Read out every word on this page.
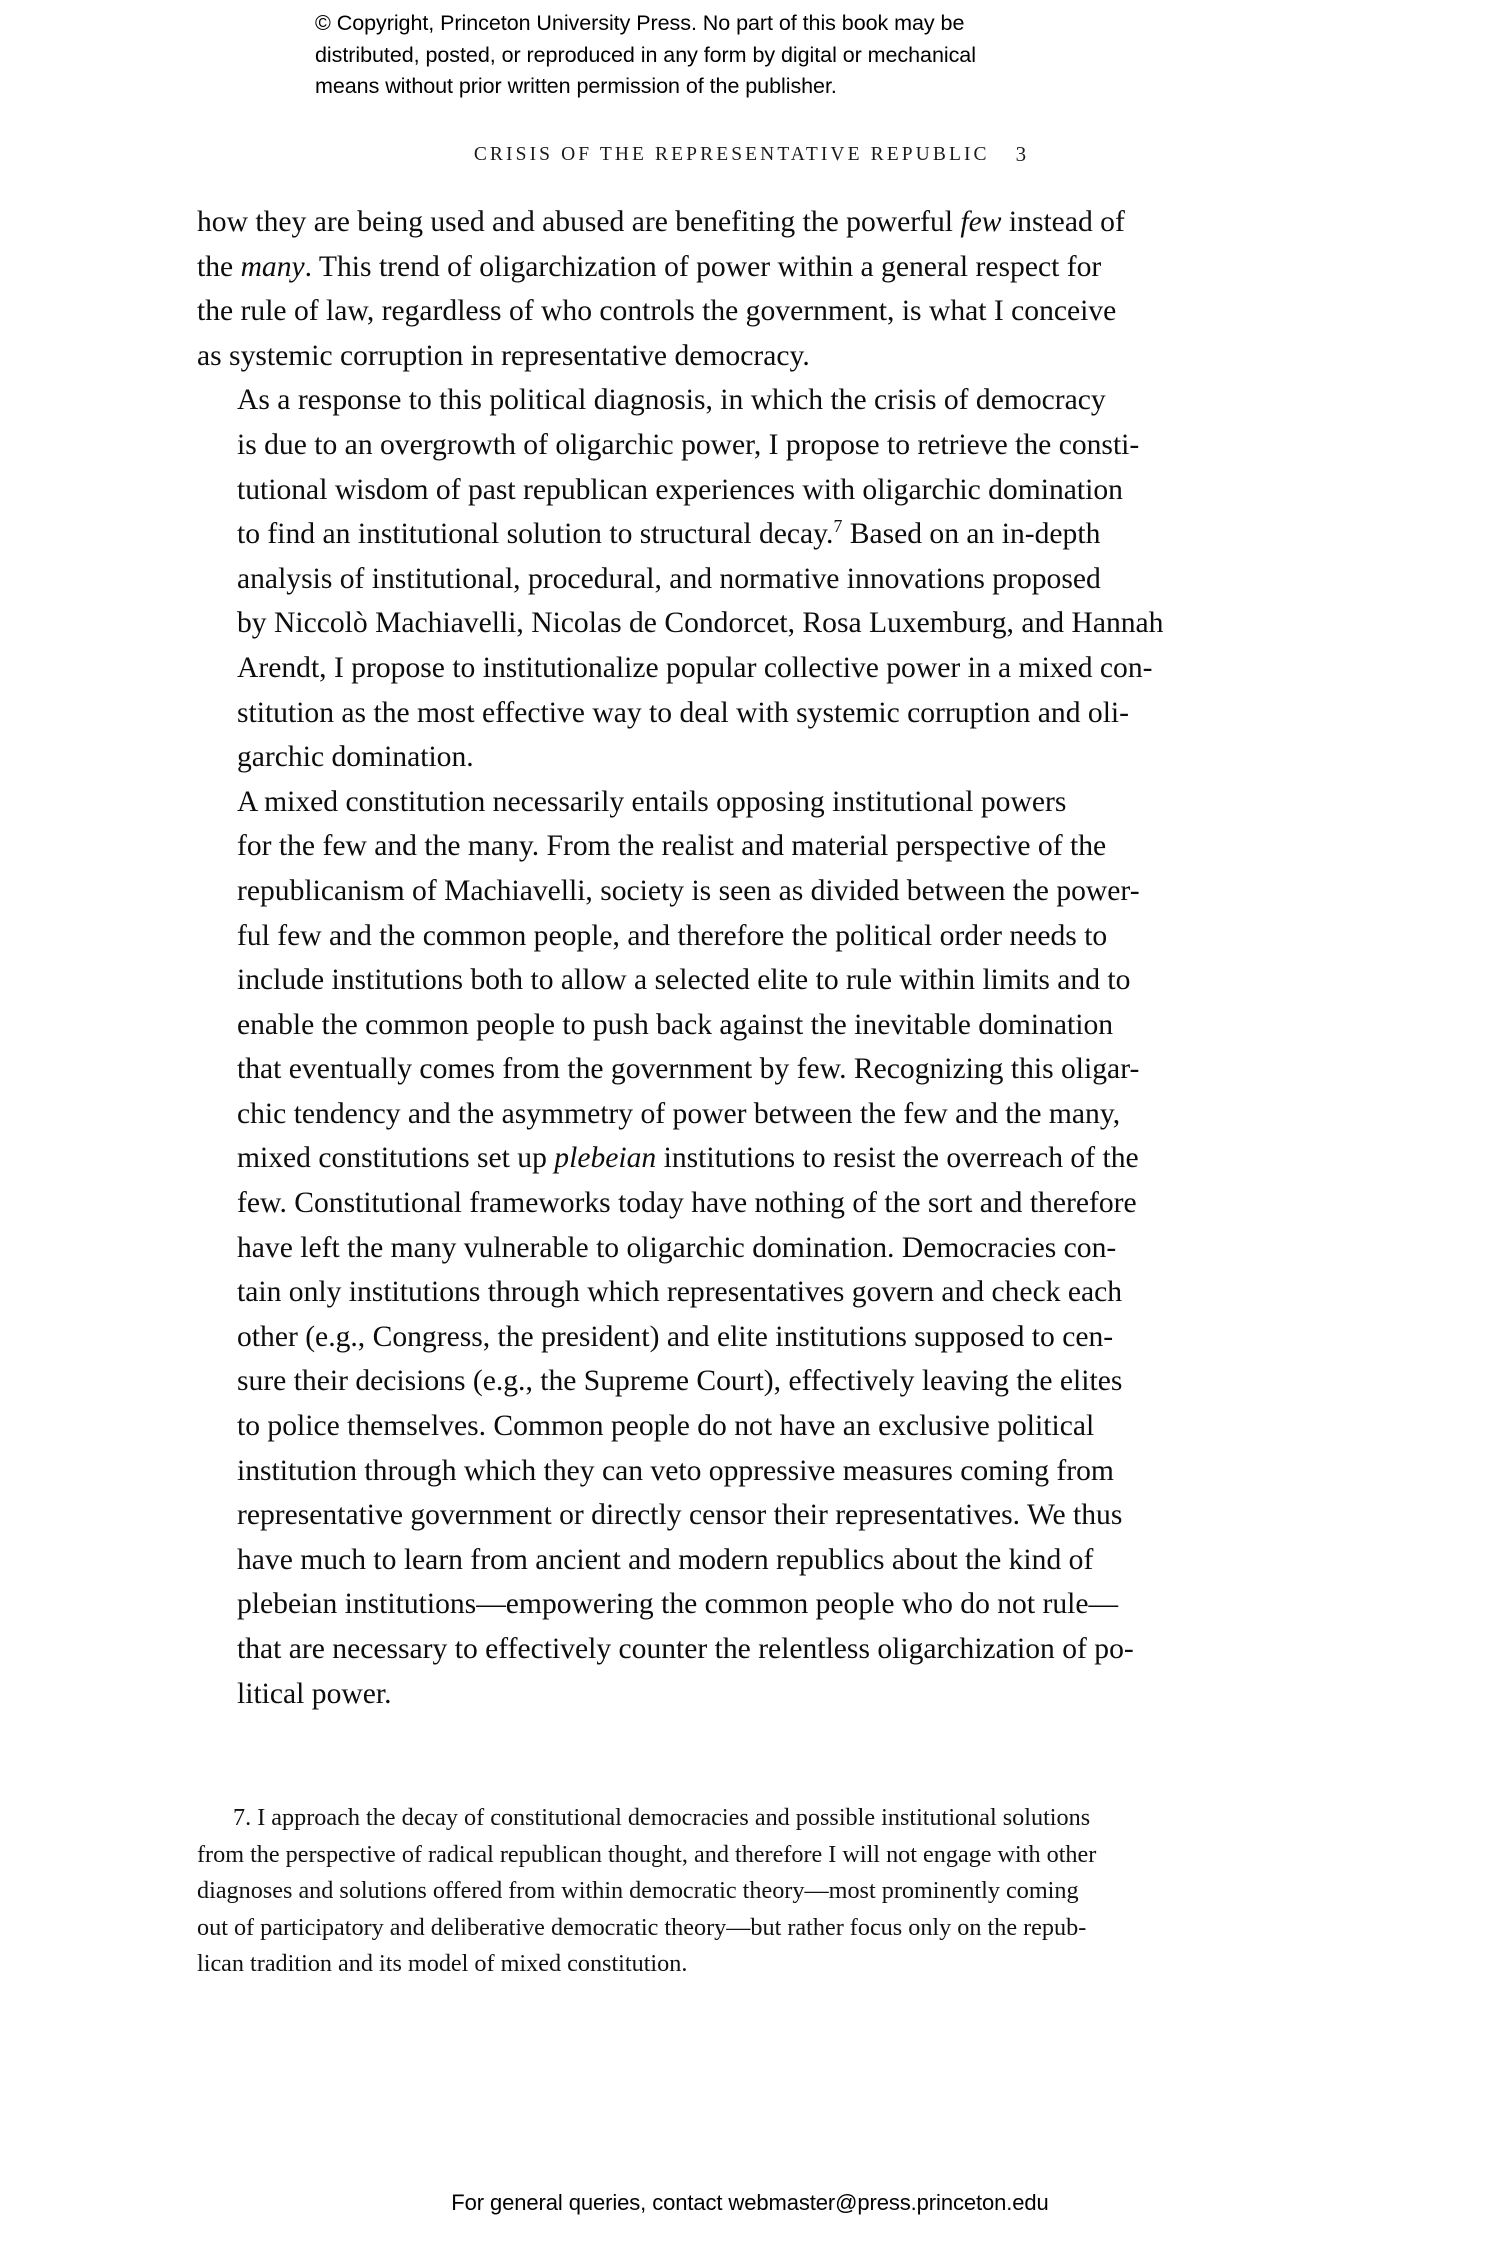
© Copyright, Princeton University Press. No part of this book may be
distributed, posted, or reproduced in any form by digital or mechanical
means without prior written permission of the publisher.
CRISIS OF THE REPRESENTATIVE REPUBLIC 3

how they are being used and abused are benefiting the powerful few instead of
the many. This trend of oligarchization of power within a general respect for
the rule of law, regardless of who controls the government, is what I conceive
as systemic corruption in representative democracy.

As a response to this political diagnosis, in which the crisis of democracy
is due to an overgrowth of oligarchic power, I propose to retrieve the consti-
tutional wisdom of past republican experiences with oligarchic domination
to find an institutional solution to structural decay.$^7$ Based on an in-depth
analysis of institutional, procedural, and normative innovations proposed
by Niccolò Machiavelli, Nicolas de Condorcet, Rosa Luxemburg, and Hannah
Arendt, I propose to institutionalize popular collective power in a mixed con-
stitution as the most effective way to deal with systemic corruption and oli-
garchic domination.

A mixed constitution necessarily entails opposing institutional powers
for the few and the many. From the realist and material perspective of the
republicanism of Machiavelli, society is seen as divided between the power-
ful few and the common people, and therefore the political order needs to
include institutions both to allow a selected elite to rule within limits and to
enable the common people to push back against the inevitable domination
that eventually comes from the government by few. Recognizing this oligar-
chic tendency and the asymmetry of power between the few and the many,
mixed constitutions set up plebeian institutions to resist the overreach of the
few. Constitutional frameworks today have nothing of the sort and therefore
have left the many vulnerable to oligarchic domination. Democracies con-
tain only institutions through which representatives govern and check each
other (e.g., Congress, the president) and elite institutions supposed to cen-
sure their decisions (e.g., the Supreme Court), effectively leaving the elites
to police themselves. Common people do not have an exclusive political
institution through which they can veto oppressive measures coming from
representative government or directly censor their representatives. We thus
have much to learn from ancient and modern republics about the kind of
plebeian institutions—empowering the common people who do not rule—
that are necessary to effectively counter the relentless oligarchization of po-
litical power.

7. I approach the decay of constitutional democracies and possible institutional solutions
from the perspective of radical republican thought, and therefore I will not engage with other
diagnoses and solutions offered from within democratic theory—most prominently coming
out of participatory and deliberative democratic theory—but rather focus only on the repub-
lican tradition and its model of mixed constitution.

For general queries, contact webmaster@press.princeton.edu
